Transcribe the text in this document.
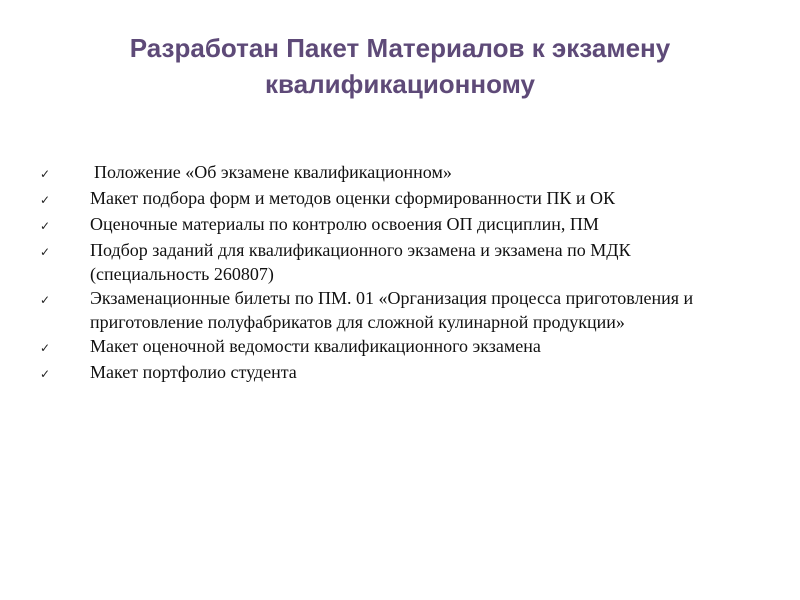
Разработан Пакет Материалов к экзамену
квалификационному
✓	Положение «Об экзамене квалификационном»
✓	Макет подбора форм и методов оценки сформированности ПК и ОК
✓	Оценочные материалы по контролю освоения ОП дисциплин, ПМ
✓	Подбор заданий для квалификационного экзамена и экзамена по МДК (специальность 260807)
✓	Экзаменационные билеты по ПМ. 01 «Организация процесса приготовления и приготовление полуфабрикатов для сложной кулинарной продукции»
✓	Макет оценочной ведомости квалификационного экзамена
✓	Макет портфолио студента
